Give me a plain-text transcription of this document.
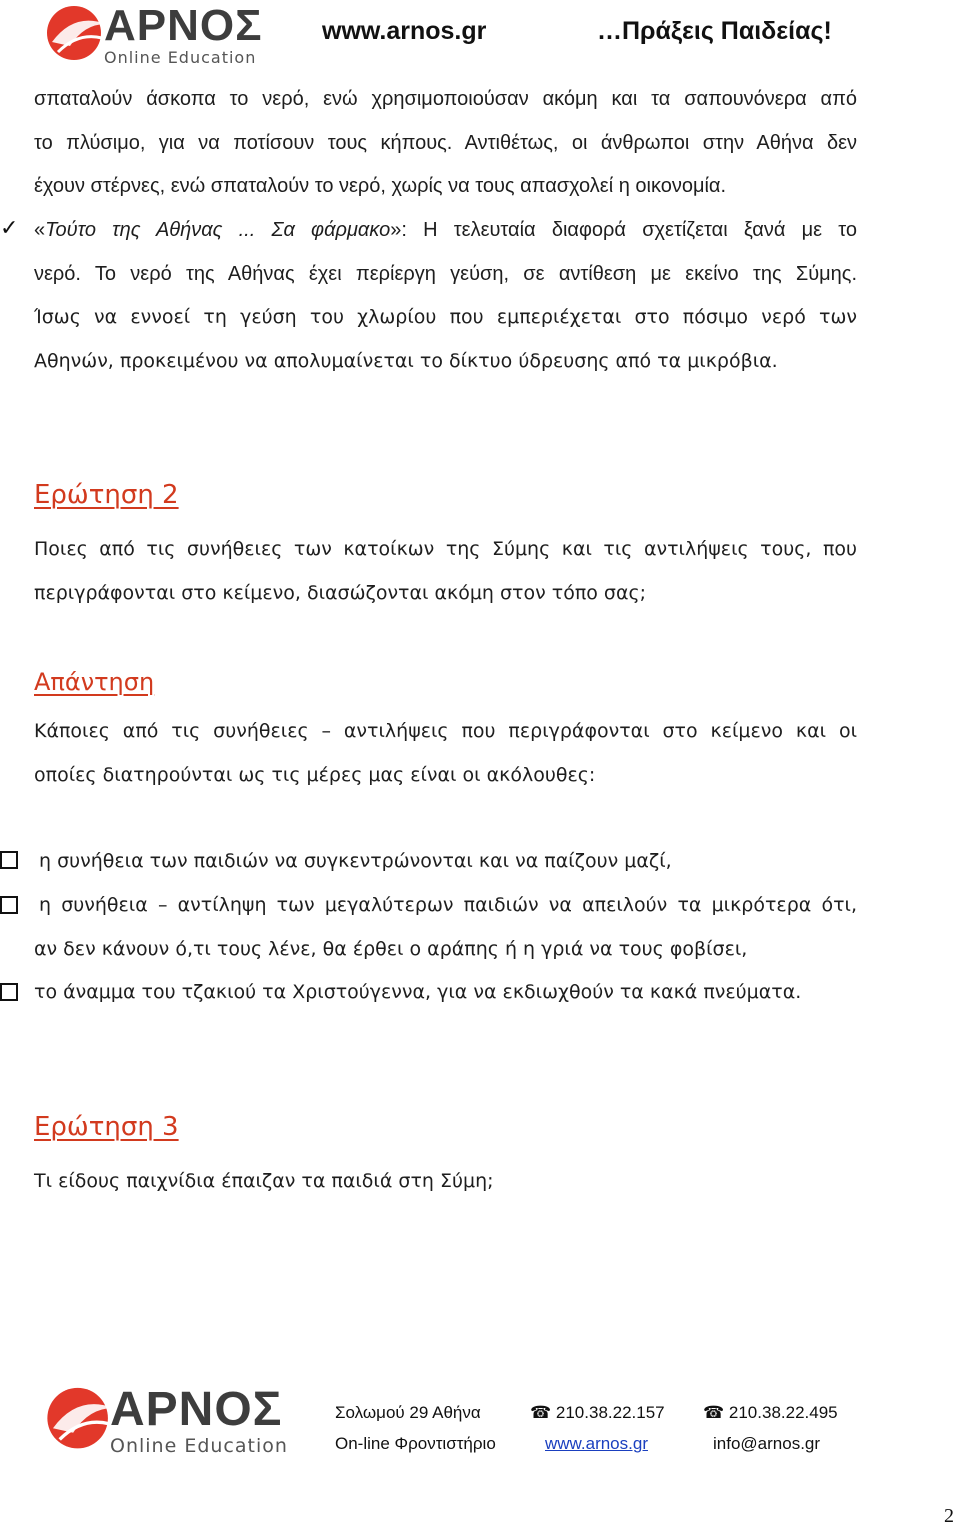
ΑΡΝΟΣ
Online Education
www.arnos.gr	…Πράξεις Παιδείας!
σπαταλούν άσκοπα το νερό, ενώ χρησιμοποιούσαν ακόμη και τα σαπουνόνερα από
το πλύσιμο, για να ποτίσουν τους κήπους. Αντιθέτως, οι άνθρωποι στην Αθήνα δεν
έχουν στέρνες, ενώ σπαταλούν το νερό, χωρίς να τους απασχολεί η οικονομία.
✓ «Τούτο της Αθήνας ... Σα φάρμακο»: Η τελευταία διαφορά σχετίζεται ξανά με το
νερό. Το νερό της Αθήνας έχει περίεργη γεύση, σε αντίθεση με εκείνο της Σύμης.
Ίσως να εννοεί τη γεύση του χλωρίου που εμπεριέχεται στο πόσιμο νερό των
Αθηνών, προκειμένου να απολυμαίνεται το δίκτυο ύδρευσης από τα μικρόβια.
Ερώτηση 2
Ποιες από τις συνήθειες των κατοίκων της Σύμης και τις αντιλήψεις τους, που
περιγράφονται στο κείμενο, διασώζονται ακόμη στον τόπο σας;
Απάντηση
Κάποιες από τις συνήθειες – αντιλήψεις που περιγράφονται στο κείμενο και οι
οποίες διατηρούνται ως τις μέρες μας είναι οι ακόλουθες:
η συνήθεια των παιδιών να συγκεντρώνονται και να παίζουν μαζί,
η συνήθεια – αντίληψη των μεγαλύτερων παιδιών να απειλούν τα μικρότερα ότι,
αν δεν κάνουν ό,τι τους λένε, θα έρθει ο αράπης ή η γριά να τους φοβίσει,
το άναμμα του τζακιού τα Χριστούγεννα, για να εκδιωχθούν τα κακά πνεύματα.
Ερώτηση 3
Τι είδους παιχνίδια έπαιζαν τα παιδιά στη Σύμη;
ΑΡΝΟΣ
Online Education
Σολωμού 29 Αθήνα	☎ 210.38.22.157 ☎ 210.38.22.495
On-line Φροντιστήριο	www.arnos.gr	info@arnos.gr
2
